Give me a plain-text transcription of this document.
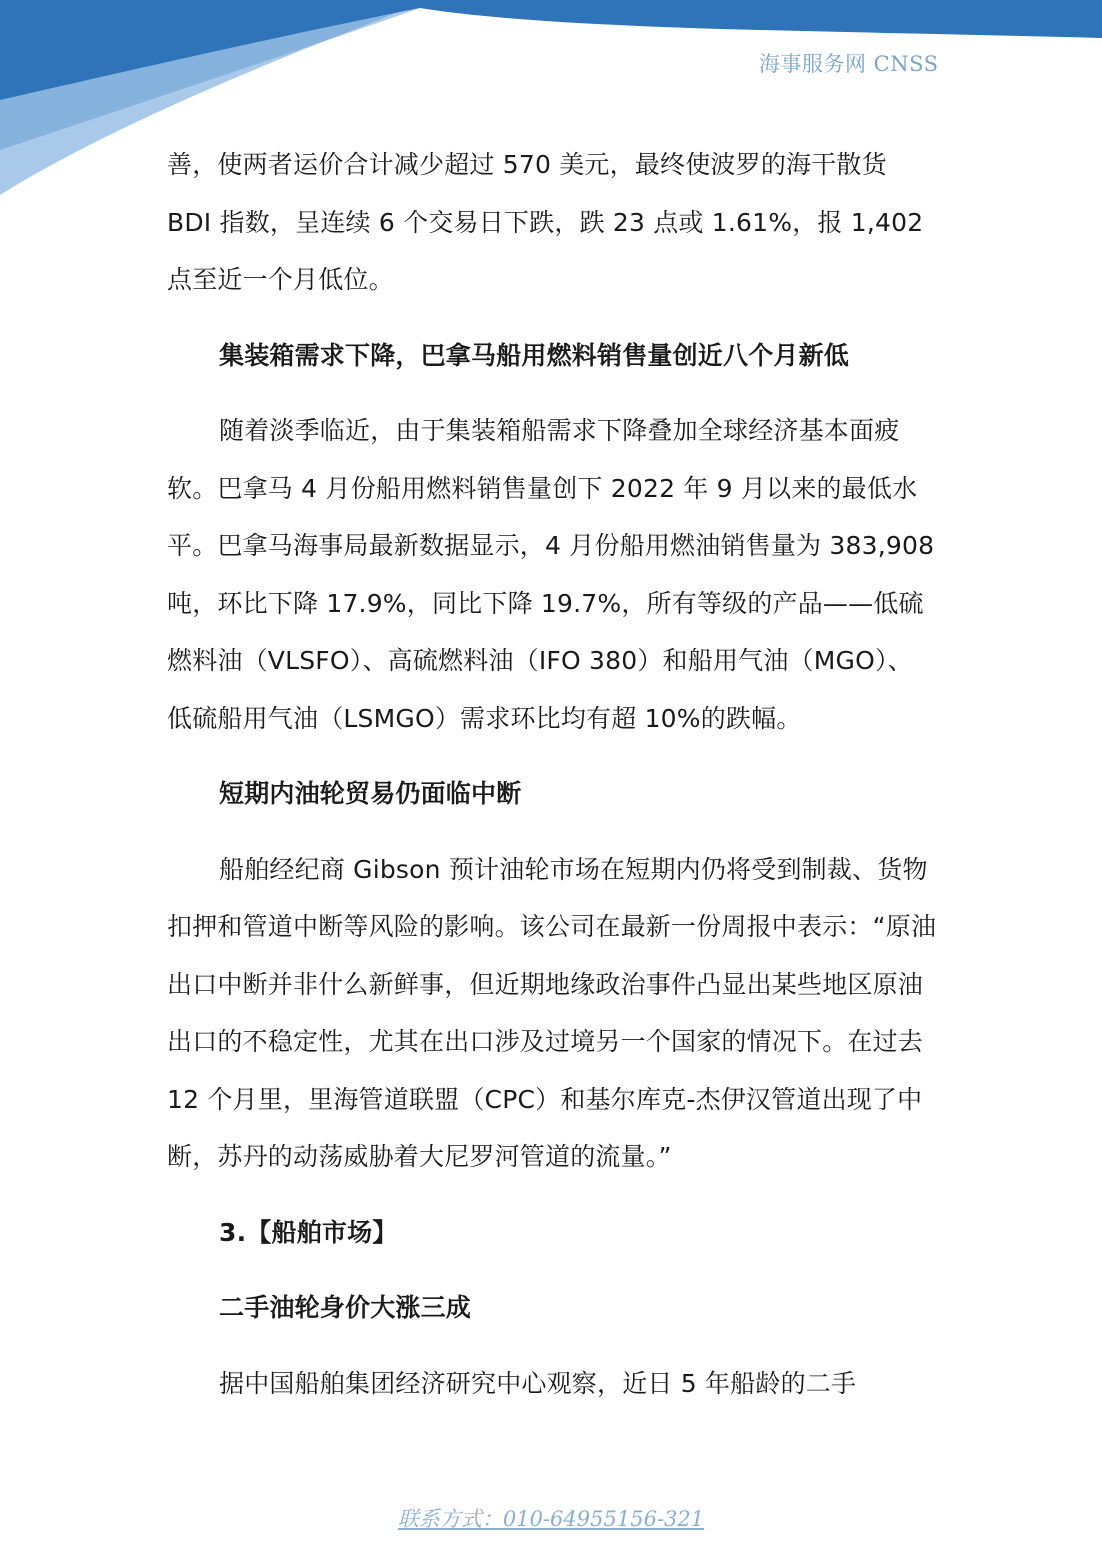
海事服务网 CNSS

善，使两者运价合计减少超过 570 美元，最终使波罗的海干散货 BDI 指数，呈连续 6 个交易日下跌，跌 23 点或 1.61%，报 1,402 点至近一个月低位。

集装箱需求下降，巴拿马船用燃料销售量创近八个月新低

随着淡季临近，由于集装箱船需求下降叠加全球经济基本面疲软。巴拿马 4 月份船用燃料销售量创下 2022 年 9 月以来的最低水平。巴拿马海事局最新数据显示，4 月份船用燃油销售量为 383,908 吨，环比下降 17.9%，同比下降 19.7%，所有等级的产品——低硫燃料油（VLSFO）、高硫燃料油（IFO 380）和船用气油（MGO）、低硫船用气油（LSMGO）需求环比均有超 10%的跌幅。

短期内油轮贸易仍面临中断

船舶经纪商 Gibson 预计油轮市场在短期内仍将受到制裁、货物扣押和管道中断等风险的影响。该公司在最新一份周报中表示：“原油出口中断并非什么新鲜事，但近期地缘政治事件凸显出某些地区原油出口的不稳定性，尤其在出口涉及过境另一个国家的情况下。在过去 12 个月里，里海管道联盟（CPC）和基尔库克-杰伊汉管道出现了中断，苏丹的动荡威胁着大尼罗河管道的流量。”

3.【船舶市场】

二手油轮身价大涨三成

据中国船舶集团经济研究中心观察，近日 5 年船龄的二手

联系方式：010-64955156-321
